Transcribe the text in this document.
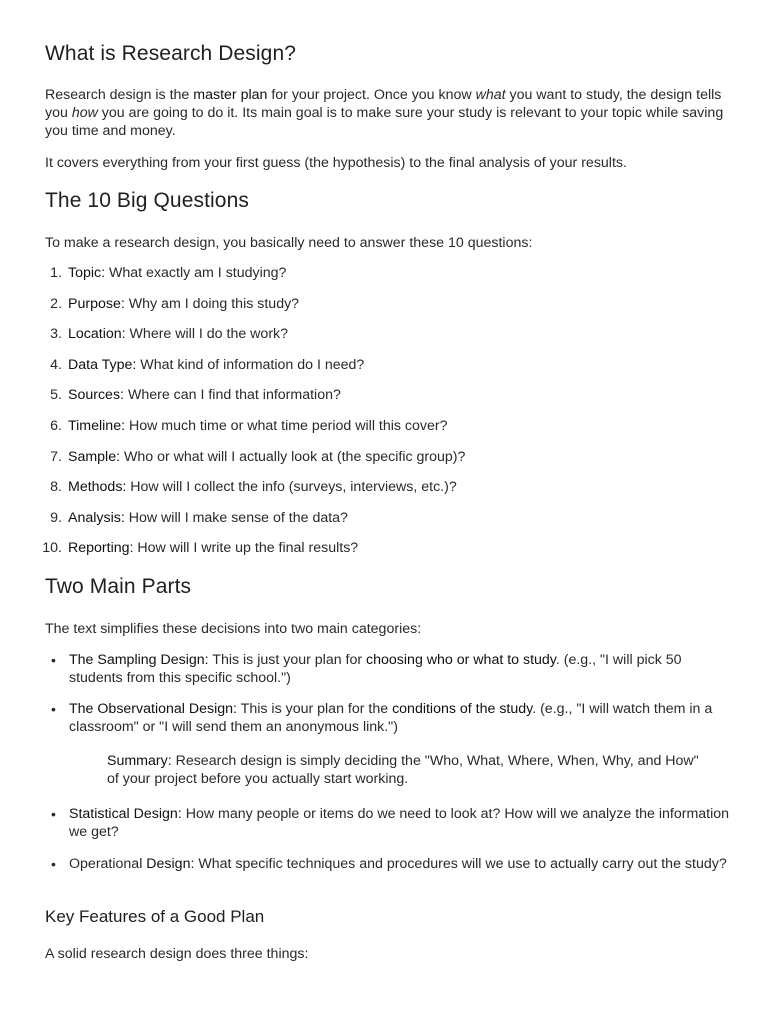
What is Research Design?

Research design is the master plan for your project. Once you know what you want to study, the design tells you how you are going to do it. Its main goal is to make sure your study is relevant to your topic while saving you time and money.

It covers everything from your first guess (the hypothesis) to the final analysis of your results.

The 10 Big Questions

To make a research design, you basically need to answer these 10 questions:

1. Topic: What exactly am I studying?
2. Purpose: Why am I doing this study?
3. Location: Where will I do the work?
4. Data Type: What kind of information do I need?
5. Sources: Where can I find that information?
6. Timeline: How much time or what time period will this cover?
7. Sample: Who or what will I actually look at (the specific group)?
8. Methods: How will I collect the info (surveys, interviews, etc.)?
9. Analysis: How will I make sense of the data?
10. Reporting: How will I write up the final results?
Two Main Parts

The text simplifies these decisions into two main categories:

• The Sampling Design: This is just your plan for choosing who or what to study. (e.g., "I will pick 50 students from this specific school.")
• The Observational Design: This is your plan for the conditions of the study. (e.g., "I will watch them in a classroom" or "I will send them an anonymous link.")
Summary: Research design is simply deciding the "Who, What, Where, When, Why, and How" of your project before you actually start working.
• Statistical Design: How many people or items do we need to look at? How will we analyze the information we get?
• Operational Design: What specific techniques and procedures will we use to actually carry out the study?
Key Features of a Good Plan

A solid research design does three things:
